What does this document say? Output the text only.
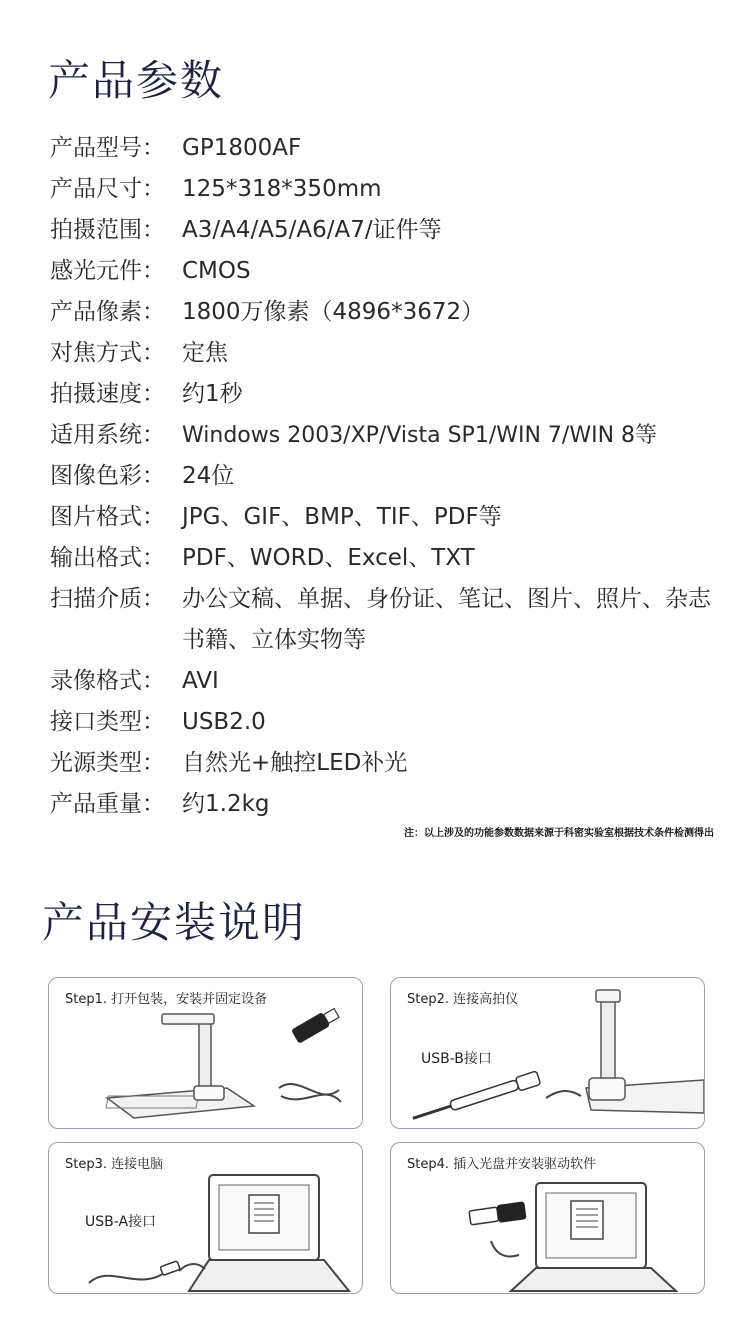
产品参数
产品型号： GP1800AF
产品尺寸： 125*318*350mm
拍摄范围： A3/A4/A5/A6/A7/证件等
感光元件： CMOS
产品像素： 1800万像素（4896*3672）
对焦方式： 定焦
拍摄速度： 约1秒
适用系统： Windows 2003/XP/Vista SP1/WIN 7/WIN 8等
图像色彩： 24位
图片格式： JPG、GIF、BMP、TIF、PDF等
输出格式： PDF、WORD、Excel、TXT
扫描介质： 办公文稿、单据、身份证、笔记、图片、照片、杂志书籍、立体实物等
录像格式： AVI
接口类型： USB2.0
光源类型： 自然光+触控LED补光
产品重量： 约1.2kg
注：以上涉及的功能参数数据来源于科密实验室根据技术条件检测得出
产品安装说明
Step1. 打开包装，安装并固定设备	Step2. 连接高拍仪
USB-B接口
Step3. 连接电脑
USB-A接口
Step4. 插入光盘并安装驱动软件
